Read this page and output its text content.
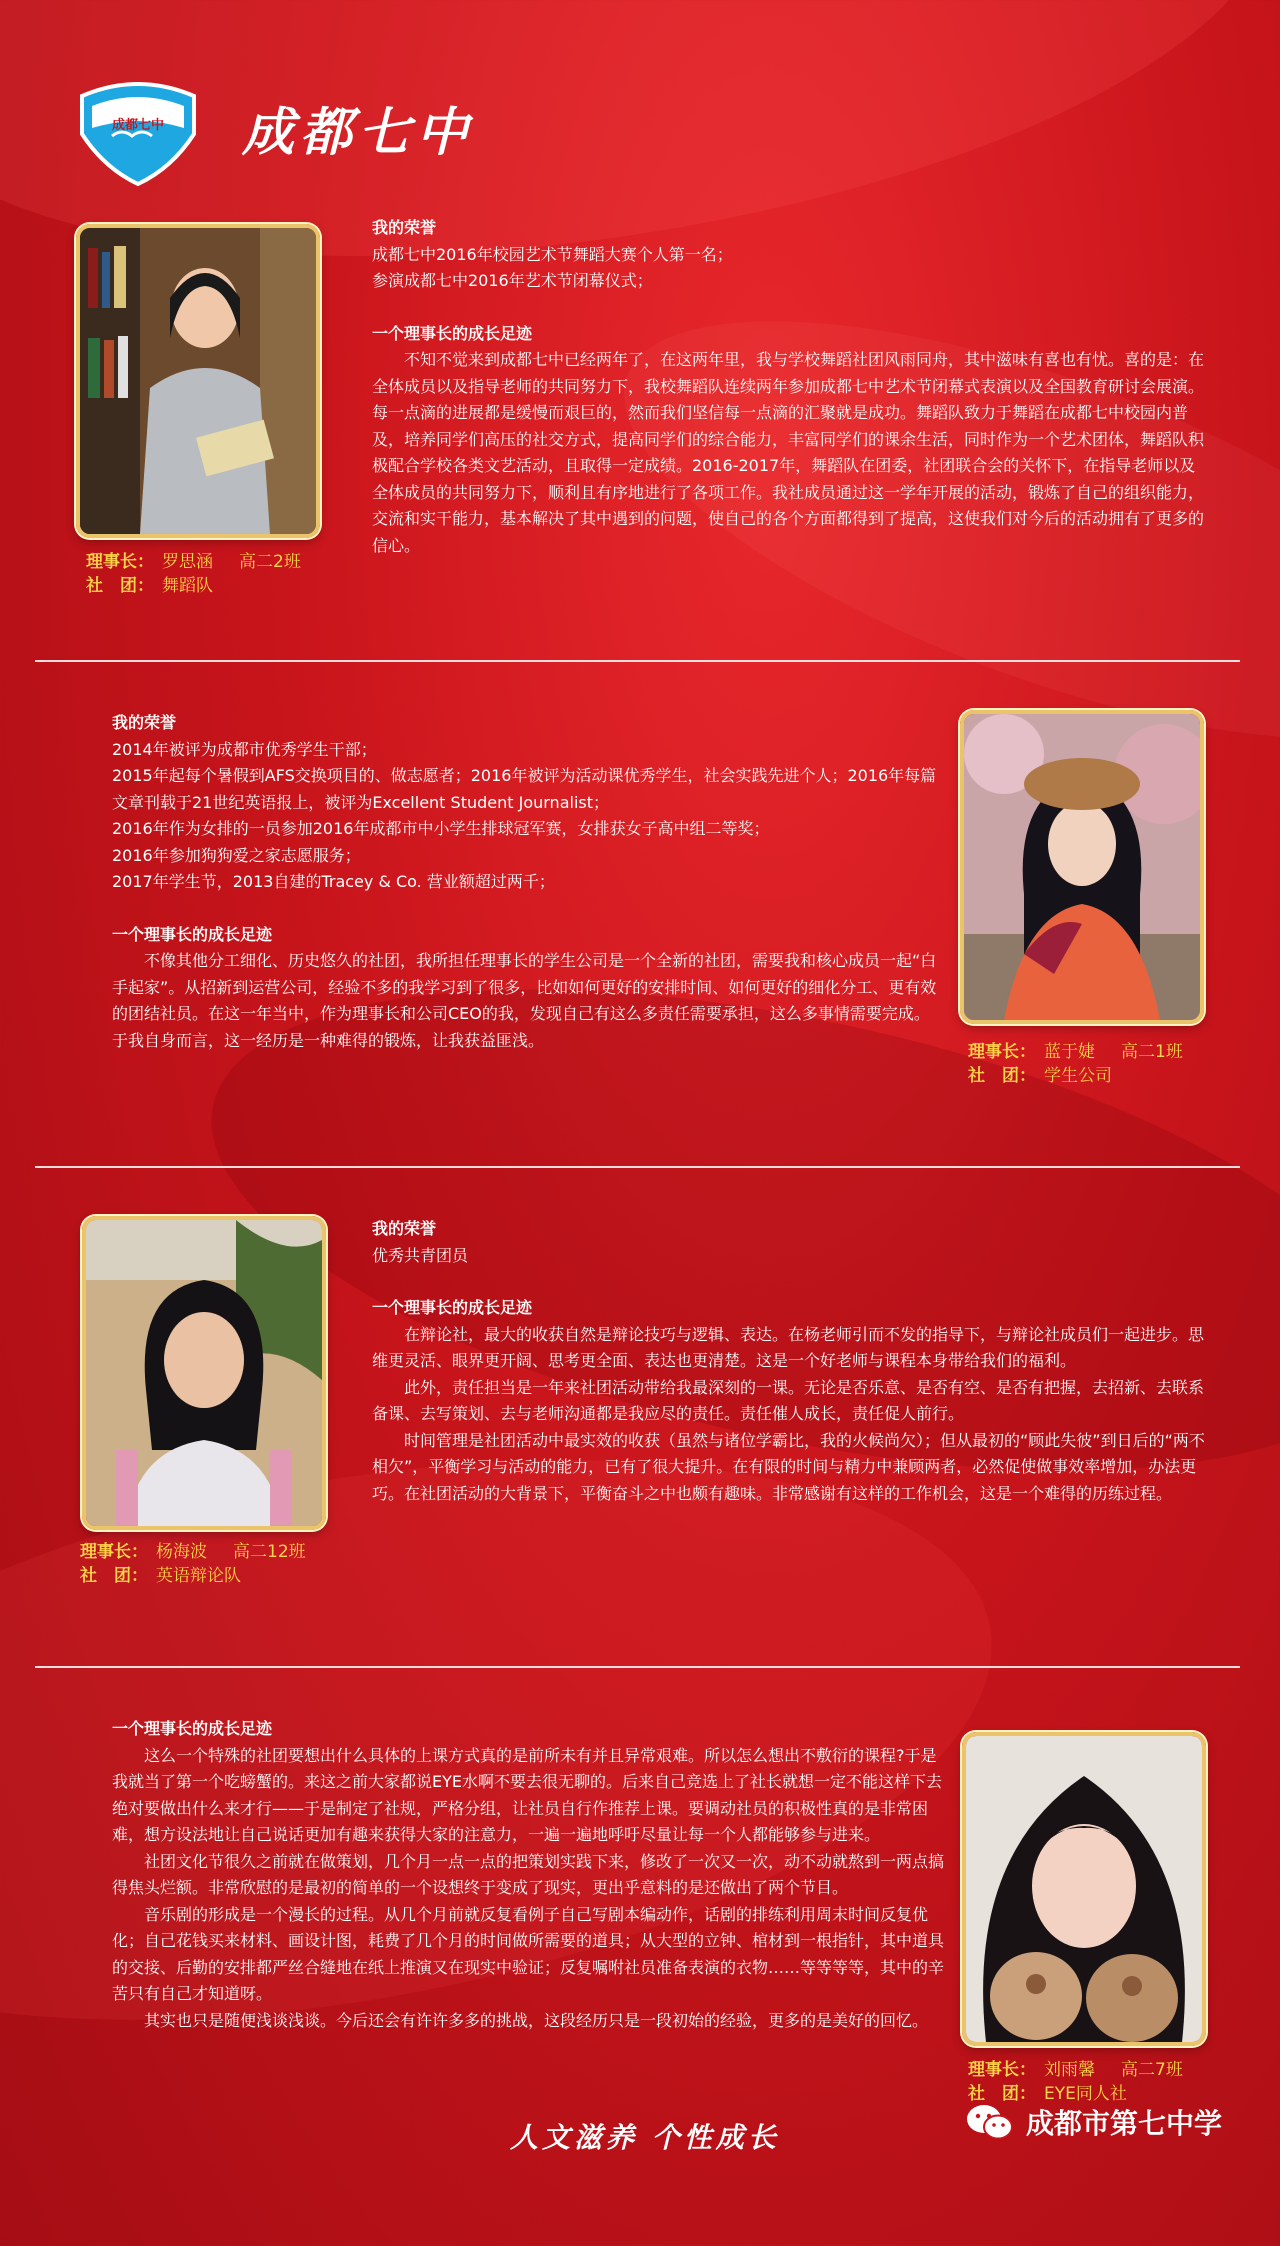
成都七中 成都七中
理事长： 罗思涵 高二2班
社　团： 舞蹈队
我的荣誉

成都七中2016年校园艺术节舞蹈大赛个人第一名；

参演成都七中2016年艺术节闭幕仪式；

一个理事长的成长足迹

不知不觉来到成都七中已经两年了，在这两年里，我与学校舞蹈社团风雨同舟，其中滋味有喜也有忧。喜的是：在全体成员以及指导老师的共同努力下，我校舞蹈队连续两年参加成都七中艺术节闭幕式表演以及全国教育研讨会展演。每一点滴的进展都是缓慢而艰巨的，然而我们坚信每一点滴的汇聚就是成功。舞蹈队致力于舞蹈在成都七中校园内普及，培养同学们高压的社交方式，提高同学们的综合能力，丰富同学们的课余生活，同时作为一个艺术团体，舞蹈队积极配合学校各类文艺活动，且取得一定成绩。2016-2017年，舞蹈队在团委，社团联合会的关怀下，在指导老师以及全体成员的共同努力下，顺利且有序地进行了各项工作。我社成员通过这一学年开展的活动，锻炼了自己的组织能力，交流和实干能力，基本解决了其中遇到的问题，使自己的各个方面都得到了提高，这使我们对今后的活动拥有了更多的信心。

我的荣誉

2014年被评为成都市优秀学生干部；

2015年起每个暑假到AFS交换项目的、做志愿者；2016年被评为活动课优秀学生，社会实践先进个人；2016年每篇文章刊载于21世纪英语报上，被评为Excellent Student Journalist；

2016年作为女排的一员参加2016年成都市中小学生排球冠军赛，女排获女子高中组二等奖；

2016年参加狗狗爱之家志愿服务；

2017年学生节，2013自建的Tracey & Co. 营业额超过两千；

一个理事长的成长足迹

不像其他分工细化、历史悠久的社团，我所担任理事长的学生公司是一个全新的社团，需要我和核心成员一起“白手起家”。从招新到运营公司，经验不多的我学习到了很多，比如如何更好的安排时间、如何更好的细化分工、更有效的团结社员。在这一年当中，作为理事长和公司CEO的我，发现自己有这么多责任需要承担，这么多事情需要完成。于我自身而言，这一经历是一种难得的锻炼，让我获益匪浅。

理事长： 蓝于婕 高二1班
社　团： 学生公司
理事长： 杨海波 高二12班
社　团： 英语辩论队
我的荣誉

优秀共青团员

一个理事长的成长足迹

在辩论社，最大的收获自然是辩论技巧与逻辑、表达。在杨老师引而不发的指导下，与辩论社成员们一起进步。思维更灵活、眼界更开阔、思考更全面、表达也更清楚。这是一个好老师与课程本身带给我们的福利。

此外，责任担当是一年来社团活动带给我最深刻的一课。无论是否乐意、是否有空、是否有把握，去招新、去联系备课、去写策划、去与老师沟通都是我应尽的责任。责任催人成长，责任促人前行。

时间管理是社团活动中最实效的收获（虽然与诸位学霸比，我的火候尚欠）；但从最初的“顾此失彼”到日后的“两不相欠”，平衡学习与活动的能力，已有了很大提升。在有限的时间与精力中兼顾两者，必然促使做事效率增加，办法更巧。在社团活动的大背景下，平衡奋斗之中也颇有趣味。非常感谢有这样的工作机会，这是一个难得的历练过程。

一个理事长的成长足迹

这么一个特殊的社团要想出什么具体的上课方式真的是前所未有并且异常艰难。所以怎么想出不敷衍的课程?于是我就当了第一个吃螃蟹的。来这之前大家都说EYE水啊不要去很无聊的。后来自己竞选上了社长就想一定不能这样下去绝对要做出什么来才行——于是制定了社规，严格分组，让社员自行作推荐上课。要调动社员的积极性真的是非常困难，想方设法地让自己说话更加有趣来获得大家的注意力，一遍一遍地呼吁尽量让每一个人都能够参与进来。

社团文化节很久之前就在做策划，几个月一点一点的把策划实践下来，修改了一次又一次，动不动就熬到一两点搞得焦头烂额。非常欣慰的是最初的简单的一个设想终于变成了现实，更出乎意料的是还做出了两个节目。

音乐剧的形成是一个漫长的过程。从几个月前就反复看例子自己写剧本编动作，话剧的排练利用周末时间反复优化；自己花钱买来材料、画设计图，耗费了几个月的时间做所需要的道具；从大型的立钟、棺材到一根指针，其中道具的交接、后勤的安排都严丝合缝地在纸上推演又在现实中验证；反复嘱咐社员准备表演的衣物……等等等等，其中的辛苦只有自己才知道呀。

其实也只是随便浅谈浅谈。今后还会有许许多多的挑战，这段经历只是一段初始的经验，更多的是美好的回忆。

理事长： 刘雨馨 高二7班
社　团： EYE同人社
人文滋养 个性成长	成都市第七中学
